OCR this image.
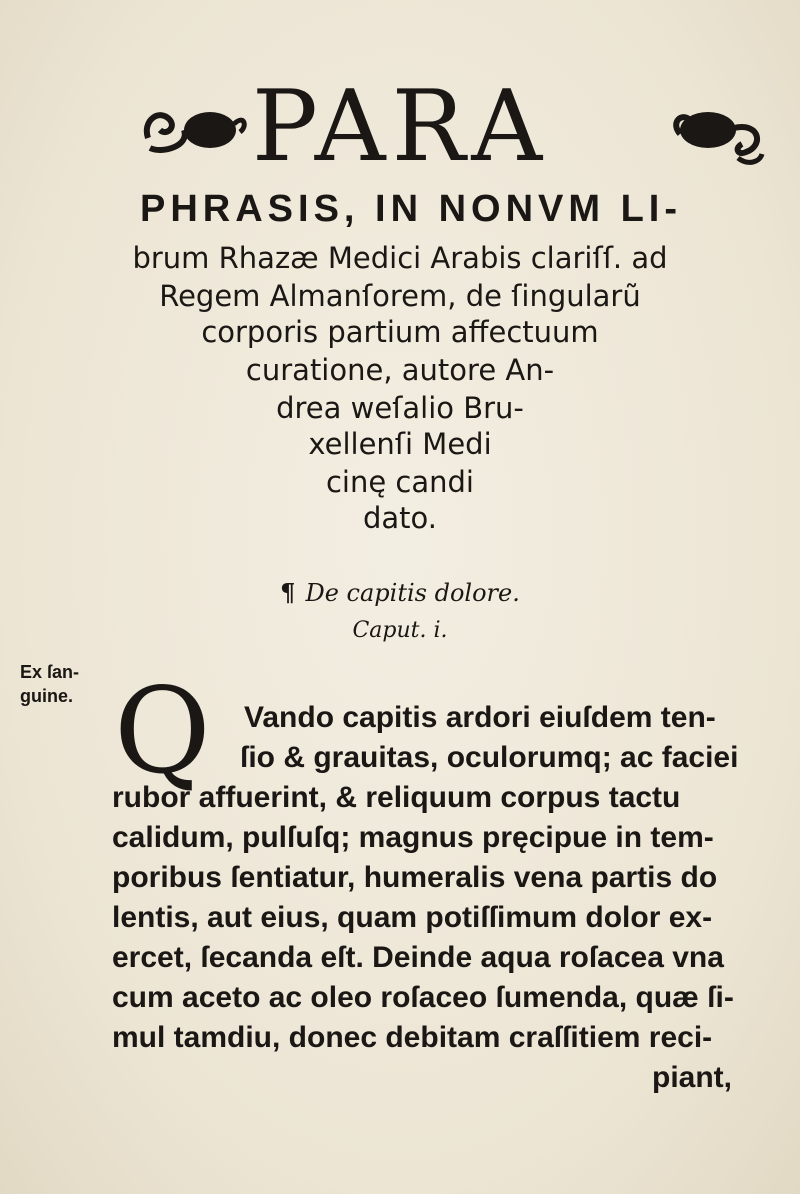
PARA
PHRASIS, IN NONVM LI-
brum Rhazæ Medici Arabis clariſſ. ad
Regem Almanſorem, de ſingularũ
corporis partium affectuum
curatione, autore An-
drea weſalio Bru-
xellenſi Medi
cinę candi
dato.
¶ De capitis dolore.
Caput. i.
Ex ſan-
guine. Q Vando capitis ardori eiuſdem ten-
ſio & grauitas, oculorumq; ac faciei
rubor affuerint, & reliquum corpus tactu
calidum, pulſuſq; magnus pręcipue in tem-
poribus ſentiatur, humeralis vena partis do
lentis, aut eius, quam potiſſimum dolor ex-
ercet, ſecanda eſt. Deinde aqua roſacea vna
cum aceto ac oleo roſaceo ſumenda, quæ ſi-
mul tamdiu, donec debitam craſſitiem reci-
piant,
